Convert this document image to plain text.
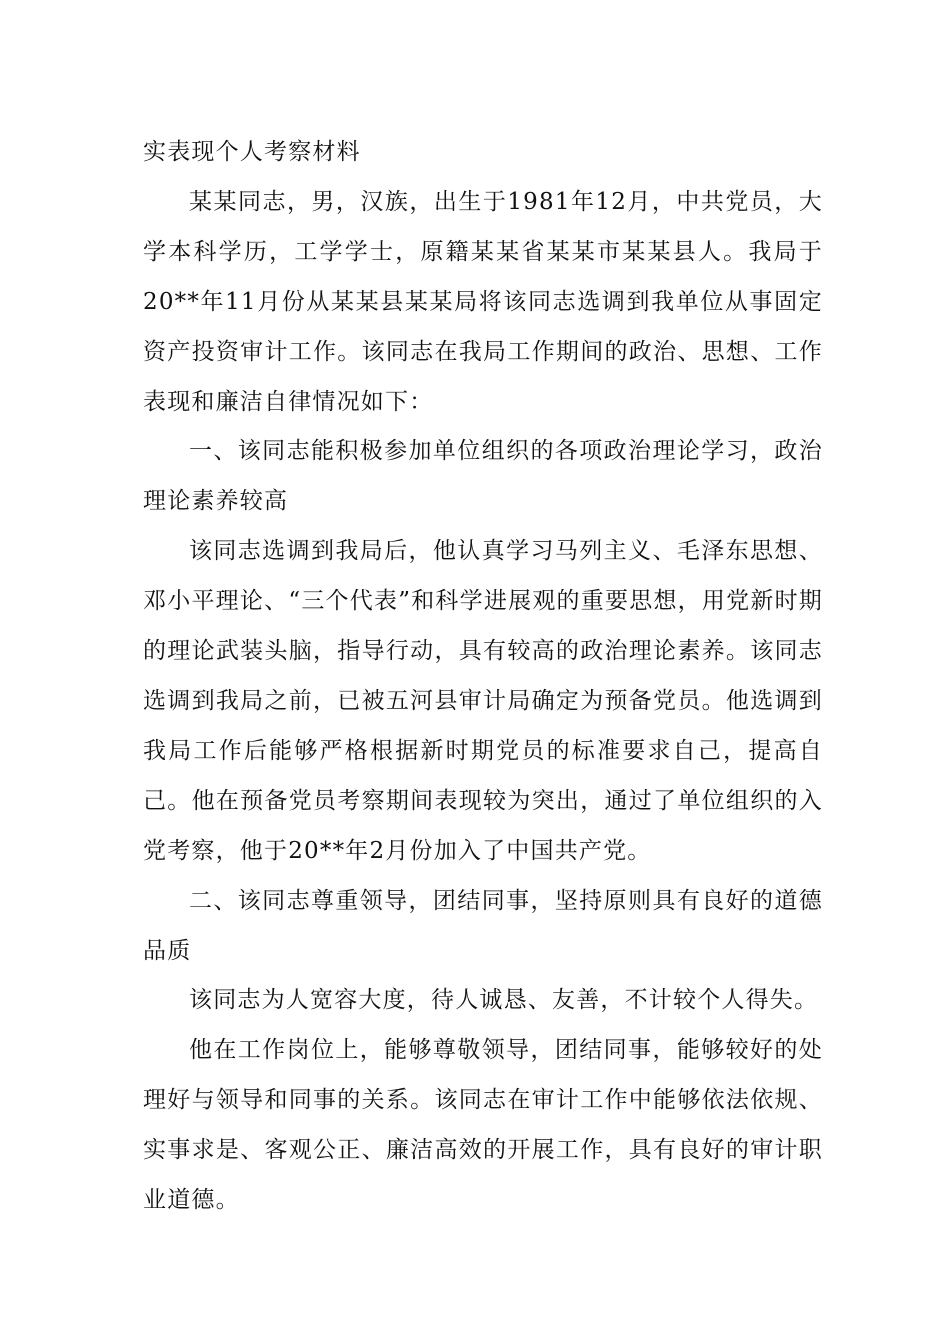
实表现个人考察材料

某某同志，男，汉族，出生于1981年12月，中共党员，大学本科学历，工学学士，原籍某某省某某市某某县人。我局于20**年11月份从某某县某某局将该同志选调到我单位从事固定资产投资审计工作。该同志在我局工作期间的政治、思想、工作表现和廉洁自律情况如下：

一、该同志能积极参加单位组织的各项政治理论学习，政治理论素养较高

该同志选调到我局后，他认真学习马列主义、毛泽东思想、邓小平理论、“三个代表”和科学进展观的重要思想，用党新时期的理论武装头脑，指导行动，具有较高的政治理论素养。该同志选调到我局之前，已被五河县审计局确定为预备党员。他选调到我局工作后能够严格根据新时期党员的标准要求自己，提高自己。他在预备党员考察期间表现较为突出，通过了单位组织的入党考察，他于20**年2月份加入了中国共产党。

二、该同志尊重领导，团结同事，坚持原则具有良好的道德品质

该同志为人宽容大度，待人诚恳、友善，不计较个人得失。

他在工作岗位上，能够尊敬领导，团结同事，能够较好的处理好与领导和同事的关系。该同志在审计工作中能够依法依规、实事求是、客观公正、廉洁高效的开展工作，具有良好的审计职业道德。
